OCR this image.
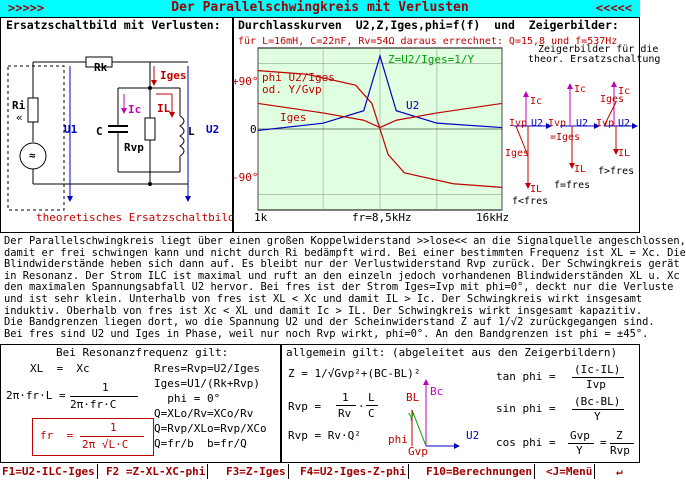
>>>>>	Der Parallelschwingkreis mit Verlusten	<<<<<
Ersatzschaltbild mit Verlusten:
Rk
Iges
Ic IL
C
Rvp
L
Ri
«
≈
U1	U2
theoretisches Ersatzschaltbild
Durchlasskurven  U2,Z,Iges,phi=f(f)  und  Zeigerbilder:
für L=16mH, C=22nF, Rv=54Ω daraus errechnet: Q=15,8 und f=537Hz
+90°
0
-90°
1k	fr=8,5kHz	16kHz
phi U2/Iges
od. Y/Gvp
Iges
U2
Z=U2/Iges=1/Y
Zeigerbilder für die
theor. Ersatzschaltung
Ic
Ivp U2
Iges
IL
f<fres
Ic
Ivp U2
=Iges
IL
f=fres
Ic
Ivp U2
Iges
IL
f>fres
Der Parallelschwingkreis liegt über einen großen Koppelwiderstand >>lose<< an die Signalquelle angeschlossen,
damit er frei schwingen kann und nicht durch Ri bedämpft wird. Bei einer bestimmten Frequenz ist XL = Xc. Die
Blindwiderstände heben sich dann auf. Es bleibt nur der Verlustwiderstand Rvp zurück. Der Schwingkreis gerät
in Resonanz. Der Strom ILC ist maximal und ruft an den einzeln jedoch vorhandenen Blindwiderständen XL u. Xc
den maximalen Spannungsabfall U2 hervor. Bei fres ist der Strom Iges=Ivp mit phi=0°, deckt nur die Verluste
und ist sehr klein. Unterhalb von fres ist XL < Xc und damit IL > Ic. Der Schwingkreis wirkt insgesamt
induktiv. Oberhalb von fres ist Xc < XL und damit Ic > IL. Der Schwingkreis wirkt insgesamt kapazitiv.
Die Bandgrenzen liegen dort, wo die Spannung U2 und der Scheinwiderstand Z auf 1/√2 zurückgegangen sind.
Bei fres sind U2 und Iges in Phase, weil nur noch Rvp wirkt, phi=0°. An den Bandgrenzen ist phi = ±45°.
Bei Resonanzfrequenz gilt:
XL  =  Xc
2π·fr·L =
1
2π·fr·C
fr  =
1
2π √L·C
Rres=Rvp=U2/Iges
Iges=U1/(Rk+Rvp)
phi = 0°
Q=XLo/Rv=XCo/Rv
Q=Rvp/XLo=Rvp/XCo
Q=fr/b  b=fr/Q
allgemein gilt: (abgeleitet aus den Zeigerbildern)
Z = 1/√Gvp²+(BC-BL)²
Rvp =
1
Rv
·
L
C
Rvp = Rv·Q²
Bc
BL
Y
phi
Gvp
U2
tan phi =
(Ic-IL)
Ivp
sin phi =
(Bc-BL)
Y
cos phi =
Gvp
Y
=
Z
Rvp
F1=U2-ILC-Iges F2 =Z-XL-XC-phi F3=Z-Iges F4=U2-Iges-Z-phi F10=Berechnungen <J=Menü ↵
